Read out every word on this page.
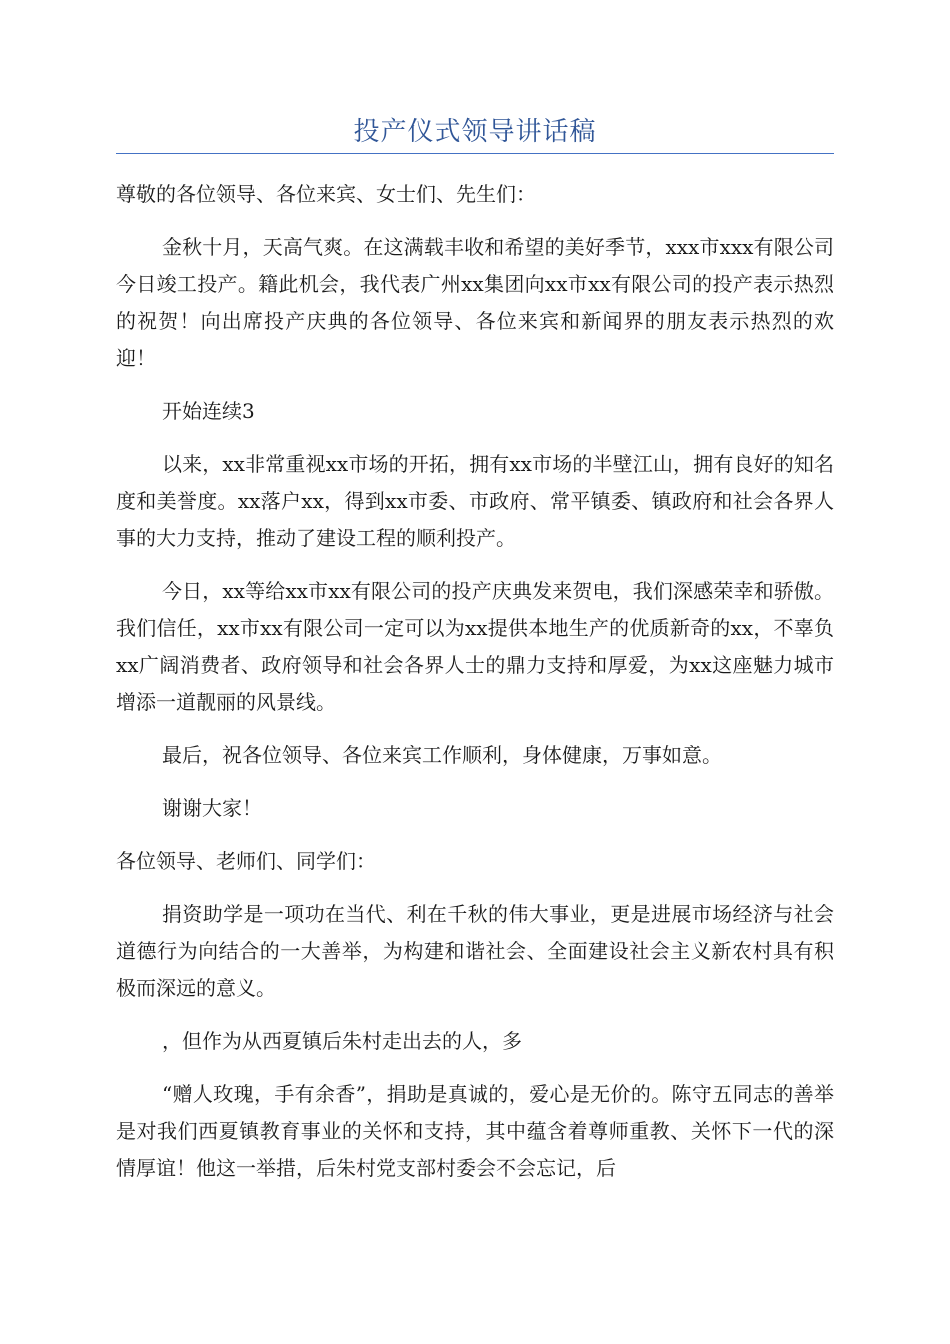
投产仪式领导讲话稿

尊敬的各位领导、各位来宾、女士们、先生们：

金秋十月，天高气爽。在这满载丰收和希望的美好季节，xxx市xxx有限公司今日竣工投产。籍此机会，我代表广州xx集团向xx市xx有限公司的投产表示热烈的祝贺！向出席投产庆典的各位领导、各位来宾和新闻界的朋友表示热烈的欢迎！

开始连续3

以来，xx非常重视xx市场的开拓，拥有xx市场的半壁江山，拥有良好的知名度和美誉度。xx落户xx，得到xx市委、市政府、常平镇委、镇政府和社会各界人事的大力支持，推动了建设工程的顺利投产。

今日，xx等给xx市xx有限公司的投产庆典发来贺电，我们深感荣幸和骄傲。我们信任，xx市xx有限公司一定可以为xx提供本地生产的优质新奇的xx，不辜负xx广阔消费者、政府领导和社会各界人士的鼎力支持和厚爱，为xx这座魅力城市增添一道靓丽的风景线。

最后，祝各位领导、各位来宾工作顺利，身体健康，万事如意。

谢谢大家！

各位领导、老师们、同学们：

捐资助学是一项功在当代、利在千秋的伟大事业，更是进展市场经济与社会道德行为向结合的一大善举，为构建和谐社会、全面建设社会主义新农村具有积极而深远的意义。

，但作为从西夏镇后朱村走出去的人，多

“赠人玫瑰，手有余香”，捐助是真诚的，爱心是无价的。陈守五同志的善举是对我们西夏镇教育事业的关怀和支持，其中蕴含着尊师重教、关怀下一代的深情厚谊！他这一举措，后朱村党支部村委会不会忘记，后
